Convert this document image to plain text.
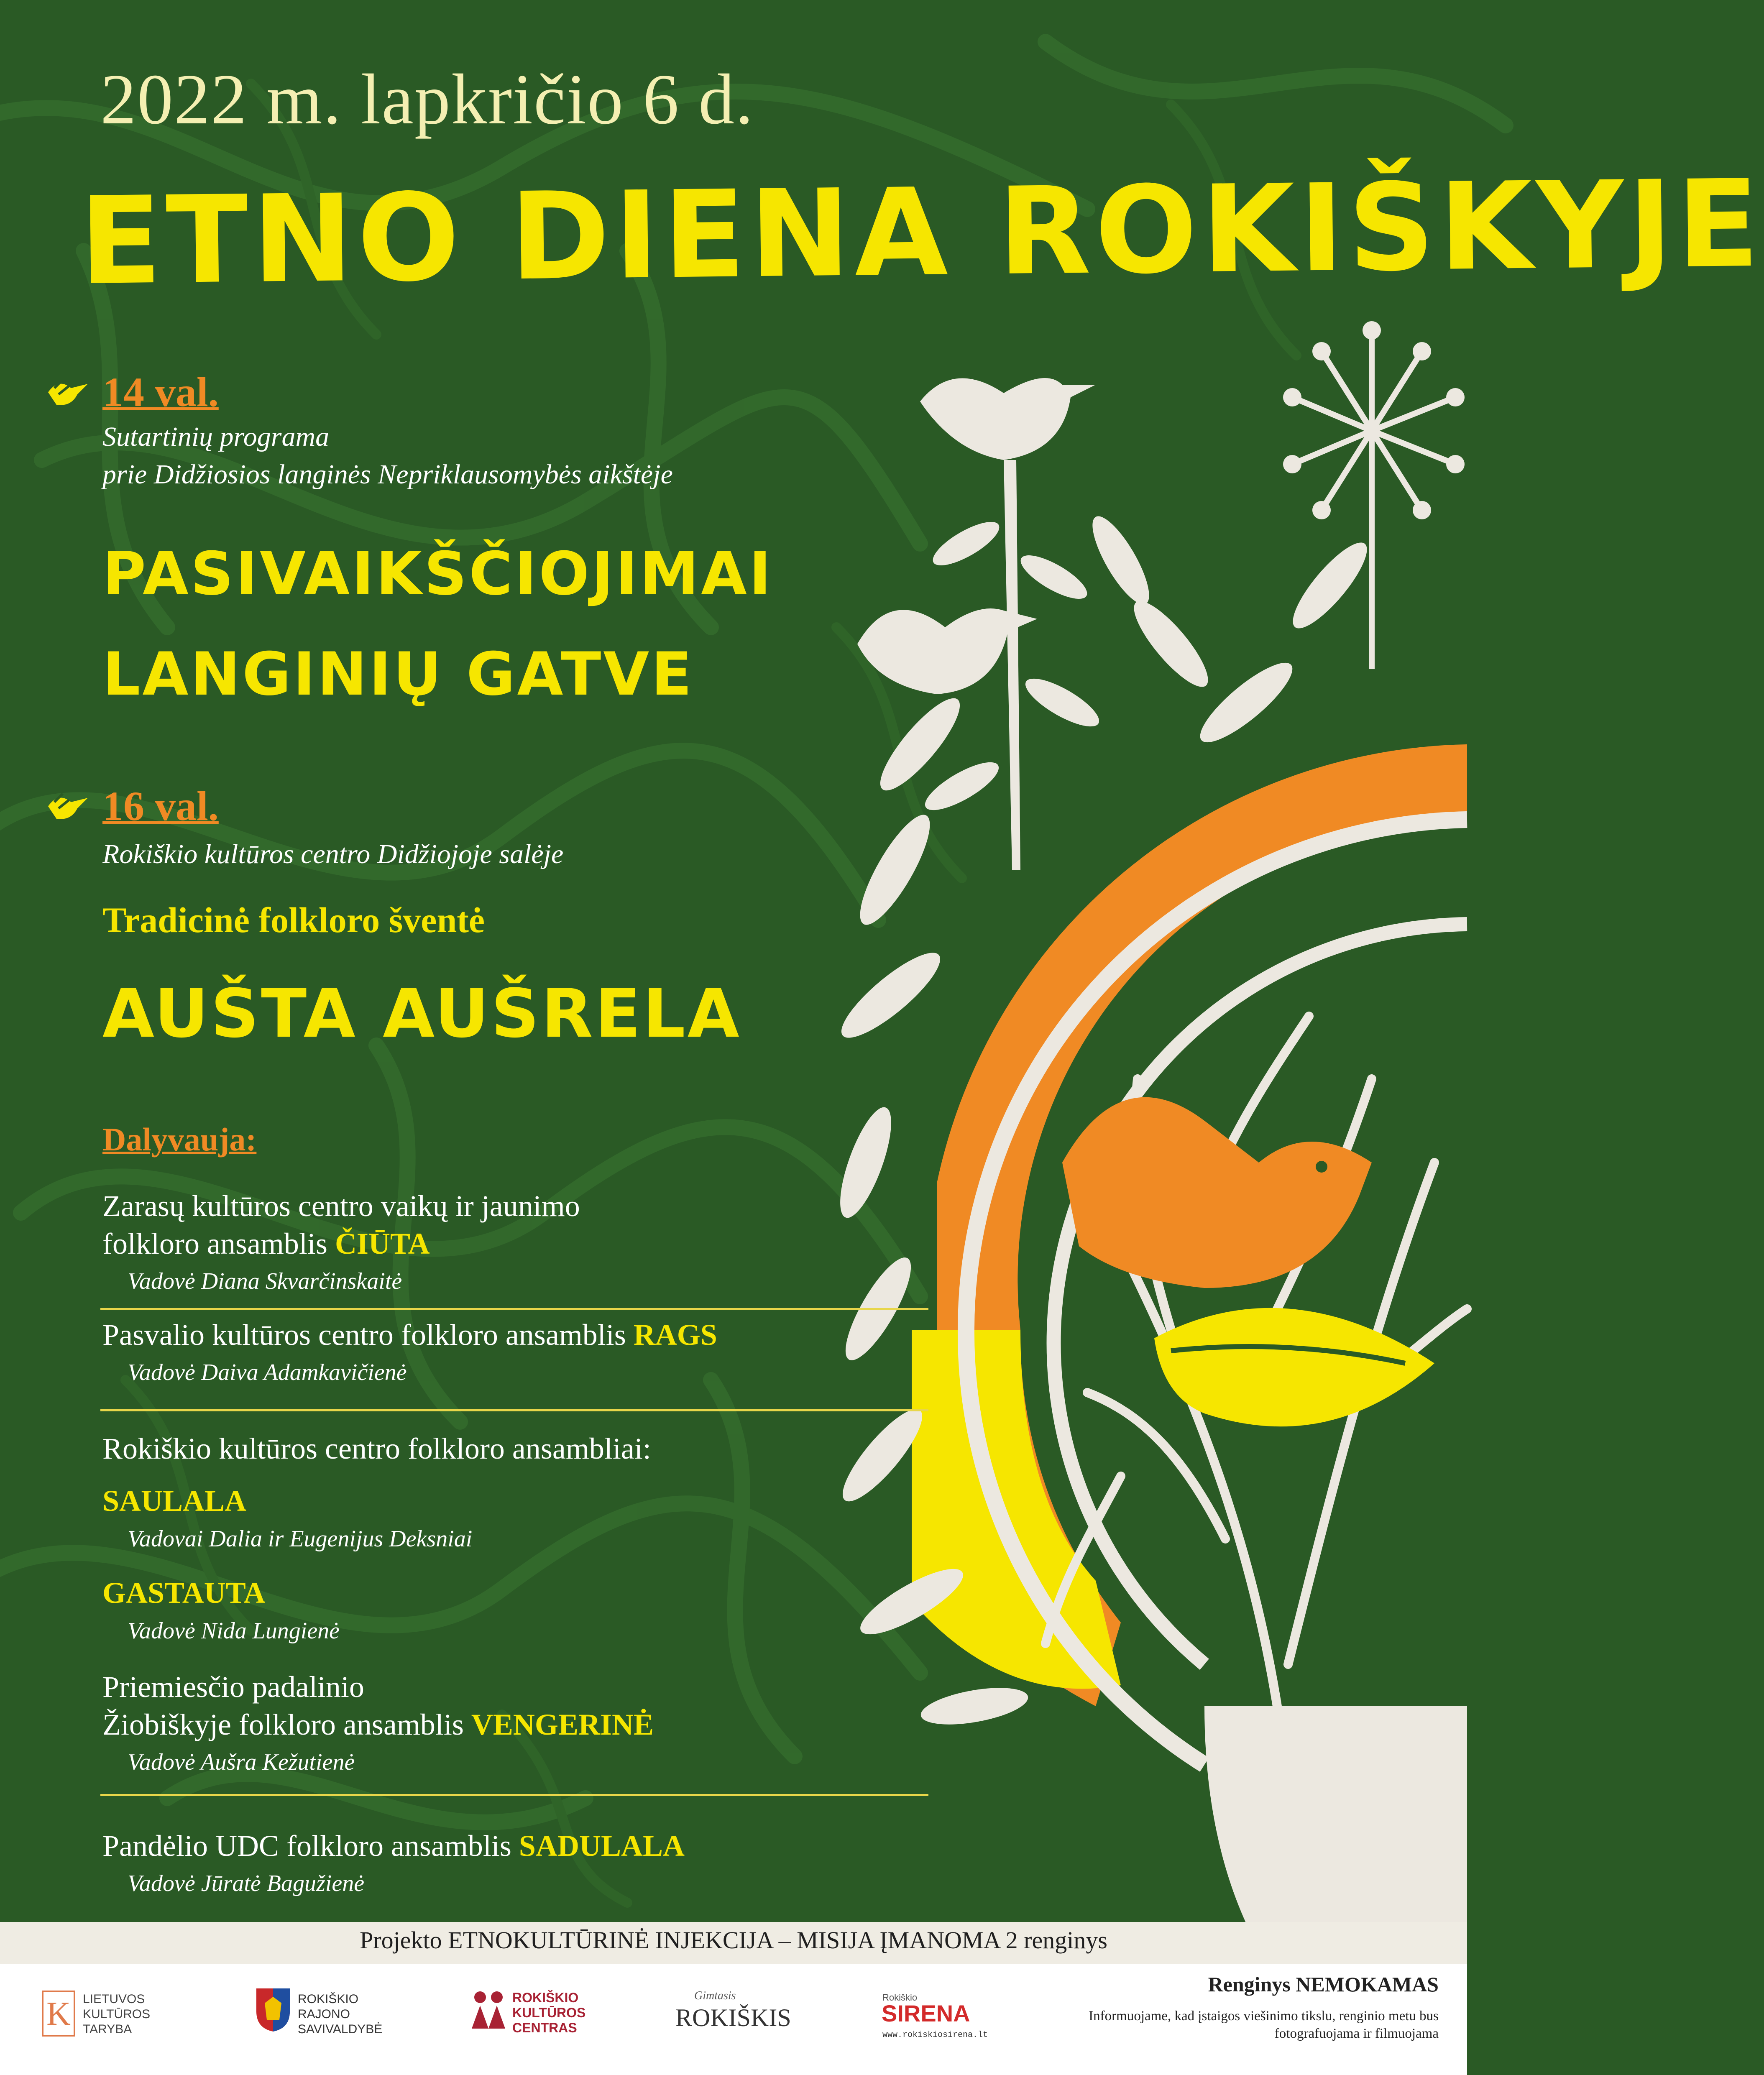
2022 m. lapkričio 6 d.
ETNO DIENA ROKIŠKYJE
14 val.
Sutartinių programa
prie Didžiosios langinės Nepriklausomybės aikštėje
PASIVAIKŠČIOJIMAI
LANGINIŲ GATVE
16 val.
Rokiškio kultūros centro Didžiojoje salėje
Tradicinė folkloro šventė
AUŠTA AUŠRELA
Dalyvauja:
Zarasų kultūros centro vaikų ir jaunimo
folkloro ansamblis ČIŪTA
Vadovė Diana Skvarčinskaitė
Pasvalio kultūros centro folkloro ansamblis RAGS
Vadovė Daiva Adamkavičienė
Rokiškio kultūros centro folkloro ansambliai:
SAULALA
Vadovai Dalia ir Eugenijus Deksniai
GASTAUTA
Vadovė Nida Lungienė
Priemiesčio padalinio
Žiobiškyje folkloro ansamblis VENGERINĖ
Vadovė Aušra Kežutienė
Pandėlio UDC folkloro ansamblis SADULALA
Vadovė Jūratė Bagužienė
Projekto ETNOKULTŪRINĖ INJEKCIJA – MISIJA ĮMANOMA 2 renginys
K LIETUVOS
KULTŪROS
TARYBA
ROKIŠKIO
RAJONO
SAVIVALDYBĖ
ROKIŠKIO
KULTŪROS
CENTRAS
Gimtasis
ROKIŠKIS
Rokiškio
SIRENA
www.rokiskiosirena.lt
Renginys NEMOKAMAS
Informuojame, kad įstaigos viešinimo tikslu, renginio metu bus fotografuojama ir filmuojama
